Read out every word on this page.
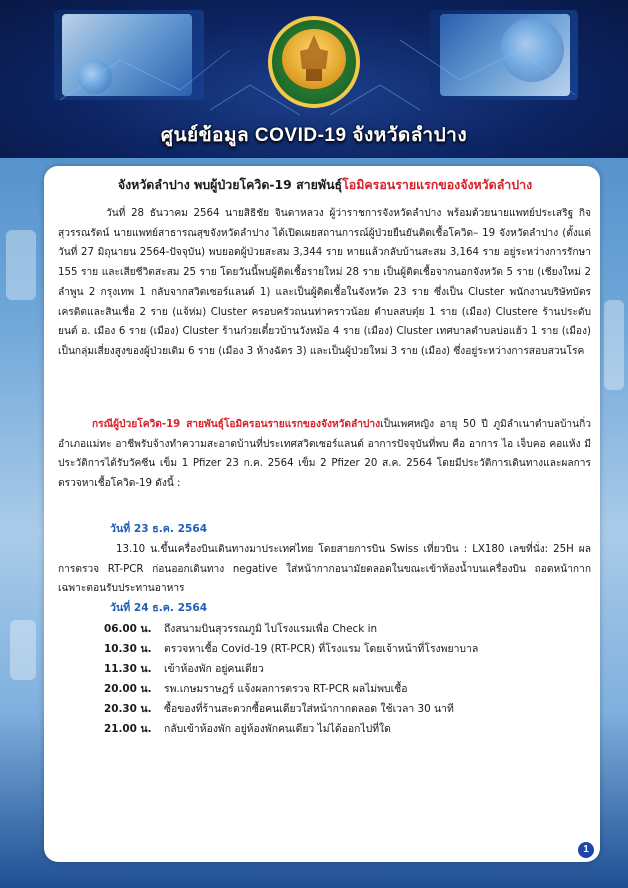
ศูนย์ข้อมูล COVID-19 จังหวัดลำปาง
จังหวัดลำปาง พบผู้ป่วยโควิด-19 สายพันธุ์โอมิครอนรายแรกของจังหวัดลำปาง
วันที่ 28 ธันวาคม 2564 นายสิธิชัย จินดาหลวง ผู้ว่าราชการจังหวัดลำปาง พร้อมด้วยนายแพทย์ประเสริฐ กิจสุวรรณรัตน์ นายแพทย์สาธารณสุขจังหวัดลำปาง ได้เปิดเผยสถานการณ์ผู้ป่วยยืนยันติดเชื้อโควิด– 19 จังหวัดลำปาง (ตั้งแต่ วันที่ 27 มิถุนายน 2564-ปัจจุบัน) พบยอดผู้ป่วยสะสม 3,344 ราย หายแล้วกลับบ้านสะสม 3,164 ราย อยู่ระหว่างการรักษา 155 ราย และเสียชีวิตสะสม 25 ราย โดยวันนี้พบผู้ติดเชื้อรายใหม่ 28 ราย เป็นผู้ติดเชื้อจากนอกจังหวัด 5 ราย (เชียงใหม่ 2 ลำพูน 2 กรุงเทพ 1 กลับจากสวิตเซอร์แลนด์ 1) และเป็นผู้ติดเชื้อในจังหวัด 23 ราย ซึ่งเป็น Cluster พนักงานบริษัทบัตรเครดิตและสินเชื่อ 2 ราย (แจ้ห่ม) Cluster ครอบครัวถนนท่าคราวน้อย ตำบลสบตุ๋ย 1 ราย (เมือง) Clustere ร้านประดับยนต์ อ. เมือง 6 ราย (เมือง) Cluster ร้านก๋วยเตี๋ยวบ้านวังหม้อ 4 ราย (เมือง) Cluster เทศบาลตำบลบ่อแฮ้ว 1 ราย (เมือง) เป็นกลุ่มเสี่ยงสูงของผู้ป่วยเดิม 6 ราย (เมือง 3 ห้างฉัตร 3) และเป็นผู้ป่วยใหม่ 3 ราย (เมือง) ซึ่งอยู่ระหว่างการสอบสวนโรค
กรณีผู้ป่วยโควิด-19 สายพันธุ์โอมิครอนรายแรกของจังหวัดลำปางเป็นเพศหญิง อายุ 50 ปี ภูมิลำเนาตำบลบ้านกิ่ว อำเภอแม่ทะ อาชีพรับจ้างทำความสะอาดบ้านที่ประเทศสวิตเซอร์แลนด์ อาการปัจจุบันที่พบ คือ อาการ ไอ เจ็บคอ คอแห้ง มีประวัติการได้รับวัคซีน เข็ม 1 Pfizer 23 ก.ค. 2564 เข็ม 2 Pfizer 20 ส.ค. 2564 โดยมีประวัติการเดินทางและผลการตรวจหาเชื้อโควิด-19 ดังนี้ :
วันที่ 23 ธ.ค. 2564
13.10 น.ขึ้นเครื่องบินเดินทางมาประเทศไทย โดยสายการบิน Swiss เที่ยวบิน : LX180 เลขที่นั่ง: 25H ผลการตรวจ RT-PCR ก่อนออกเดินทาง negative ใส่หน้ากากอนามัยตลอดในขณะเข้าห้องน้ำบนเครื่องบิน ถอดหน้ากากเฉพาะตอนรับประทานอาหาร
วันที่ 24 ธ.ค. 2564
06.00 น. ถึงสนามบินสุวรรณภูมิ ไปโรงแรมเพื่อ Check in
10.30 น. ตรวจหาเชื้อ Covid-19 (RT-PCR) ที่โรงแรม โดยเจ้าหน้าที่โรงพยาบาล
11.30 น. เข้าห้องพัก อยู่คนเดียว
20.00 น. รพ.เกษมราษฎร์ แจ้งผลการตรวจ RT-PCR ผลไม่พบเชื้อ
20.30 น. ซื้อของที่ร้านสะดวกซื้อคนเดียวใส่หน้ากากตลอด ใช้เวลา 30 นาที
21.00 น. กลับเข้าห้องพัก อยู่ห้องพักคนเดียว ไม่ได้ออกไปที่ใด
1
